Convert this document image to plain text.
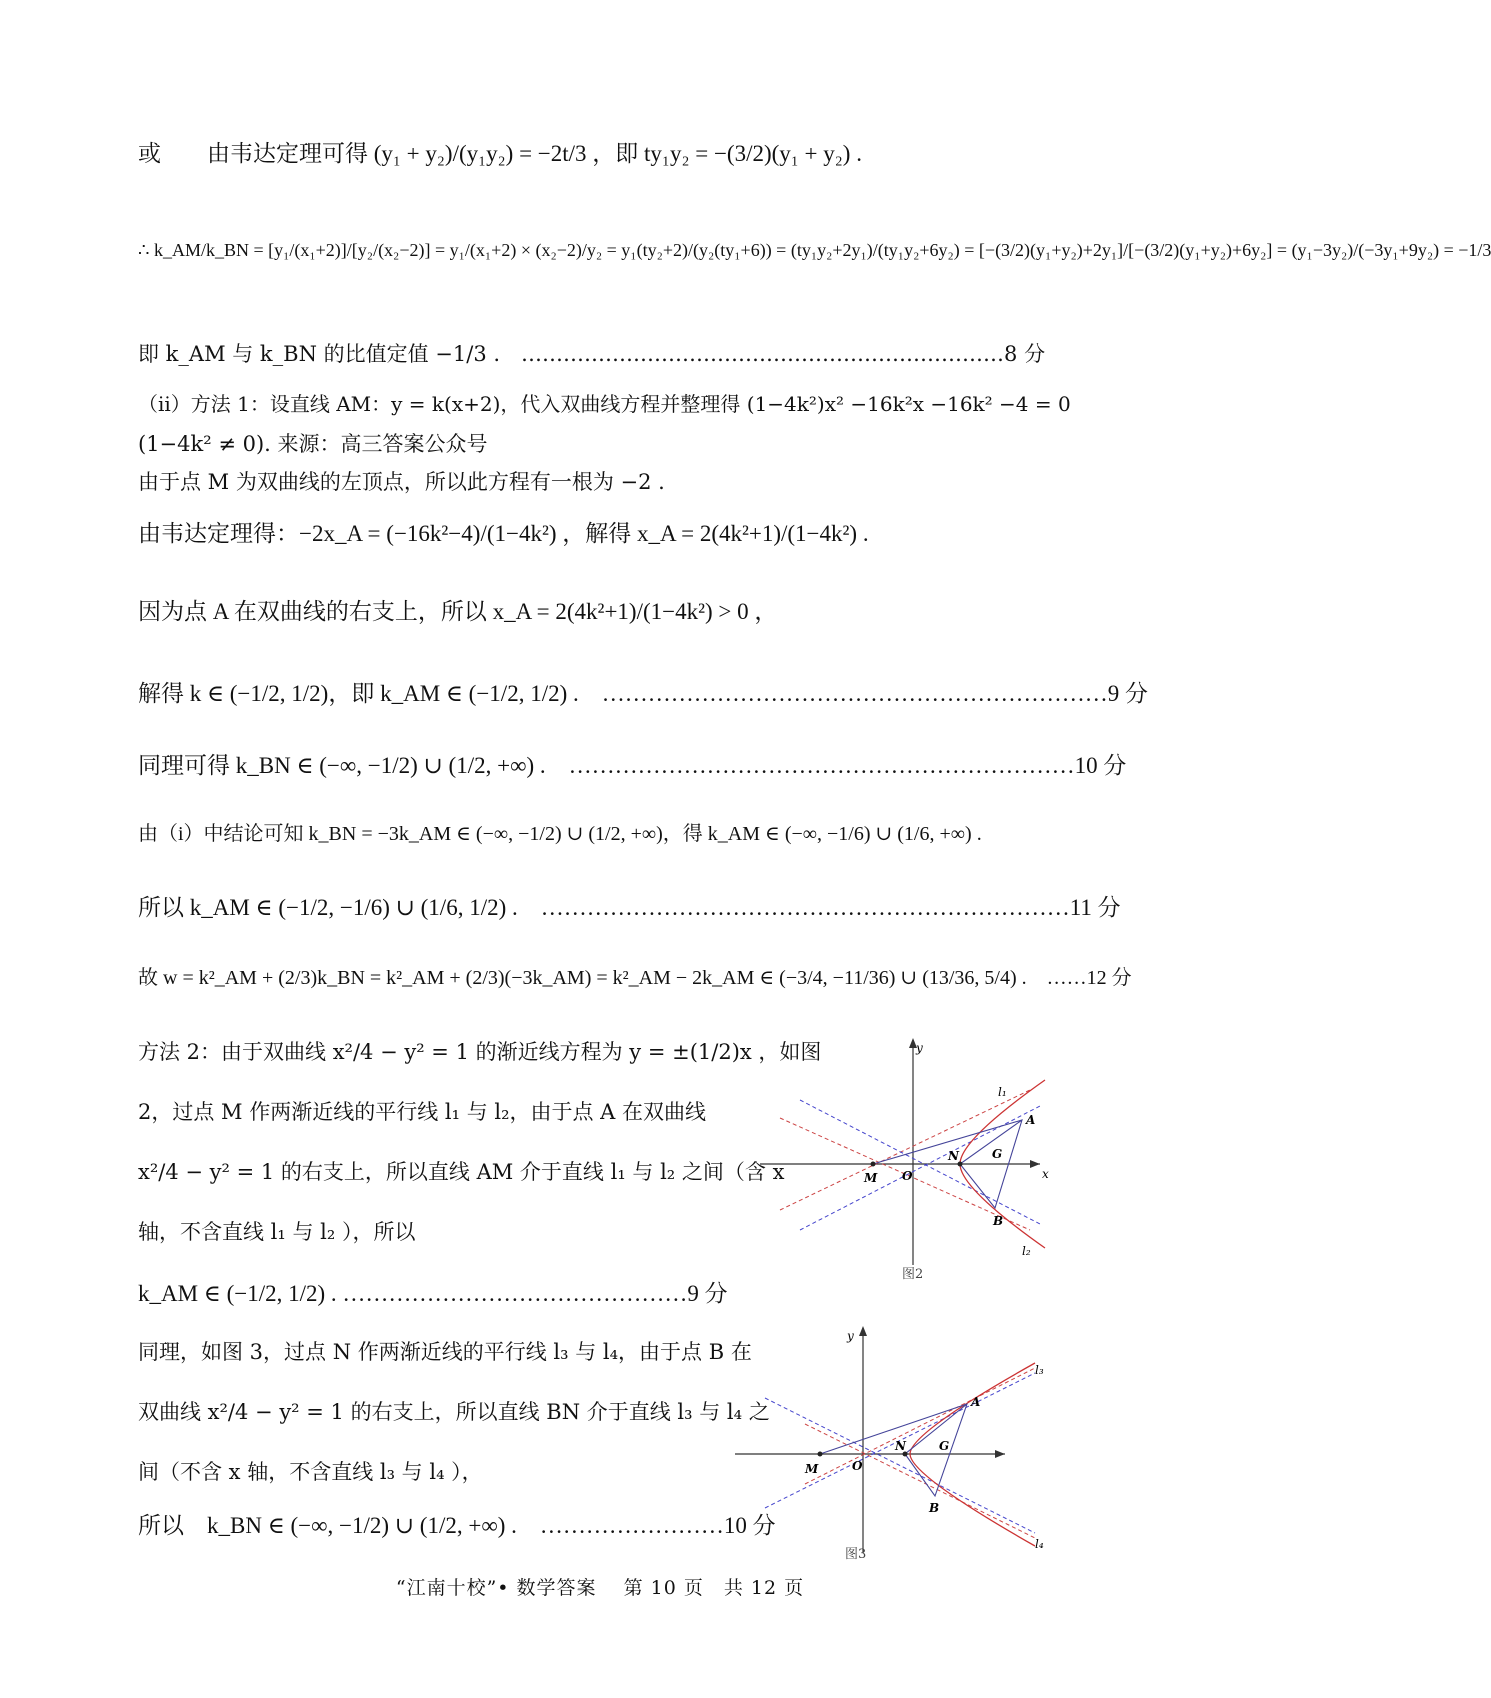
或　　由韦达定理可得 (y₁ + y₂)/(y₁y₂) = −2t/3 ，即 ty₁y₂ = −(3/2)(y₁ + y₂) .
∴ k_AM/k_BN = [y₁/(x₁+2)]/[y₂/(x₂−2)] = y₁/(x₁+2) × (x₂−2)/y₂ = y₁(ty₂+2)/(y₂(ty₁+6)) = (ty₁y₂+2y₁)/(ty₁y₂+6y₂) = [−(3/2)(y₁+y₂)+2y₁]/[−(3/2)(y₁+y₂)+6y₂] = (y₁−3y₂)/(−3y₁+9y₂) = −1/3
即 k_AM 与 k_BN 的比值定值 −1/3 .　……………………………………………………………8 分
（ii）方法 1：设直线 AM：y = k(x+2)，代入双曲线方程并整理得 (1−4k²)x² −16k²x −16k² −4 = 0
(1−4k² ≠ 0). 来源：高三答案公众号
由于点 M 为双曲线的左顶点，所以此方程有一根为 −2 .
由韦达定理得：−2x_A = (−16k²−4)/(1−4k²) ，解得 x_A = 2(4k²+1)/(1−4k²) .
因为点 A 在双曲线的右支上，所以 x_A = 2(4k²+1)/(1−4k²) > 0 ，
解得 k ∈ (−1/2, 1/2)，即 k_AM ∈ (−1/2, 1/2) .　…………………………………………………………9 分
同理可得 k_BN ∈ (−∞, −1/2) ∪ (1/2, +∞) .　…………………………………………………………10 分
由（i）中结论可知 k_BN = −3k_AM ∈ (−∞, −1/2) ∪ (1/2, +∞)，得 k_AM ∈ (−∞, −1/6) ∪ (1/6, +∞) .
所以 k_AM ∈ (−1/2, −1/6) ∪ (1/6, 1/2) .　……………………………………………………………11 分
故 w = k²_AM + (2/3)k_BN = k²_AM + (2/3)(−3k_AM) = k²_AM − 2k_AM ∈ (−3/4, −11/36) ∪ (13/36, 5/4) .　……12 分
方法 2：由于双曲线 x²/4 − y² = 1 的渐近线方程为 y = ±(1/2)x ，如图
2，过点 M 作两渐近线的平行线 l₁ 与 l₂，由于点 A 在双曲线
x²/4 − y² = 1 的右支上，所以直线 AM 介于直线 l₁ 与 l₂ 之间（含 x
轴，不含直线 l₁ 与 l₂ ），所以
k_AM ∈ (−1/2, 1/2) . ………………………………………9 分
同理，如图 3，过点 N 作两渐近线的平行线 l₃ 与 l₄，由于点 B 在
双曲线 x²/4 − y² = 1 的右支上，所以直线 BN 介于直线 l₃ 与 l₄ 之
间（不含 x 轴，不含直线 l₃ 与 l₄ ），
所以　k_BN ∈ (−∞, −1/2) ∪ (1/2, +∞) .　……………………10 分
y
x
l₁
l₂
A
B
G
M
N
O
图2
y
l₃
l₄
A
B
G
M
N
O
图3
“江南十校”• 数学答案　 第 10 页　共 12 页
